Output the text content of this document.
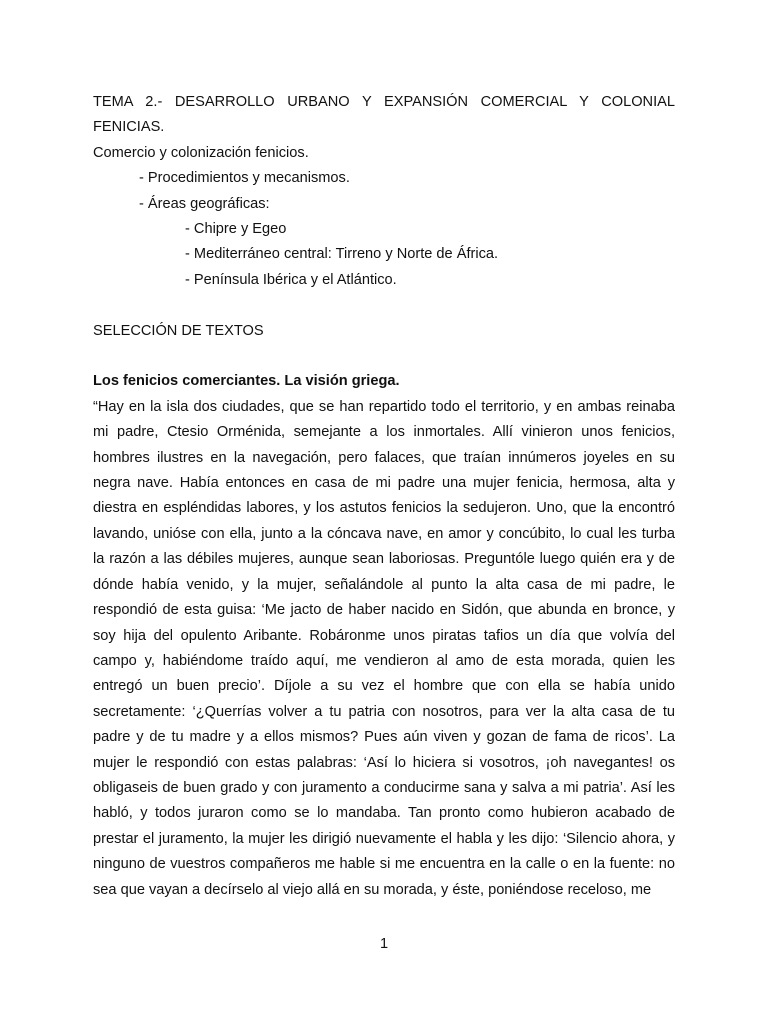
TEMA 2.- DESARROLLO URBANO Y EXPANSIÓN COMERCIAL Y COLONIAL FENICIAS.
Comercio y colonización fenicios.
- Procedimientos y mecanismos.
- Áreas geográficas:
- Chipre y Egeo
- Mediterráneo central: Tirreno y Norte de África.
- Península Ibérica y el Atlántico.
SELECCIÓN DE TEXTOS
Los fenicios comerciantes. La visión griega.
“Hay en la isla dos ciudades, que se han repartido todo el territorio, y en ambas reinaba mi padre, Ctesio Orménida, semejante a los inmortales. Allí vinieron unos fenicios, hombres ilustres en la navegación, pero falaces, que traían innúmeros joyeles en su negra nave. Había entonces en casa de mi padre una mujer fenicia, hermosa, alta y diestra en espléndidas labores, y los astutos fenicios la sedujeron. Uno, que la encontró lavando, unióse con ella, junto a la cóncava nave, en amor y concúbito, lo cual les turba la razón a las débiles mujeres, aunque sean laboriosas. Preguntóle luego quién era y de dónde había venido, y la mujer, señalándole al punto la alta casa de mi padre, le respondió de esta guisa: ‘Me jacto de haber nacido en Sidón, que abunda en bronce, y soy hija del opulento Aribante. Robáronme unos piratas tafios un día que volvía del campo y, habiéndome traído aquí, me vendieron al amo de esta morada, quien les entregó un buen precio’. Díjole a su vez el hombre que con ella se había unido secretamente: ‘¿Querrías volver a tu patria con nosotros, para ver la alta casa de tu padre y de tu madre y a ellos mismos? Pues aún viven y gozan de fama de ricos’. La mujer le respondió con estas palabras: ‘Así lo hiciera si vosotros, ¡oh navegantes! os obligaseis de buen grado y con juramento a conducirme sana y salva a mi patria’. Así les habló, y todos juraron como se lo mandaba. Tan pronto como hubieron acabado de prestar el juramento, la mujer les dirigió nuevamente el habla y les dijo: ‘Silencio ahora, y ninguno de vuestros compañeros me hable si me encuentra en la calle o en la fuente: no sea que vayan a decírselo al viejo allá en su morada, y éste, poniéndose receloso, me
1
